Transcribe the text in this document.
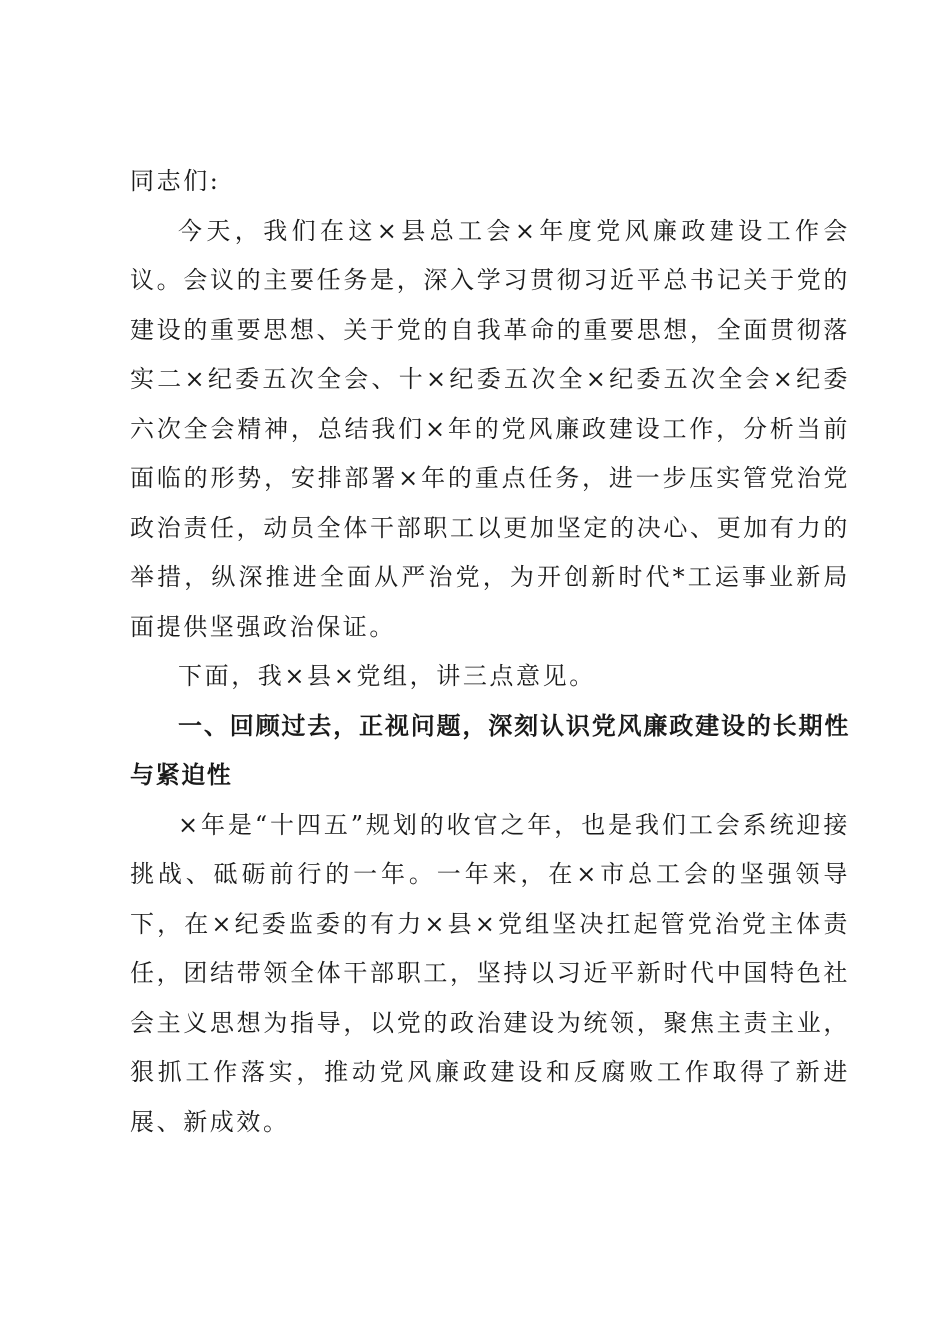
同志们:

今天，我们在这×县总工会×年度党风廉政建设工作会议。会议的主要任务是，深入学习贯彻习近平总书记关于党的建设的重要思想、关于党的自我革命的重要思想，全面贯彻落实二×纪委五次全会、十×纪委五次全×纪委五次全会×纪委六次全会精神，总结我们×年的党风廉政建设工作，分析当前面临的形势，安排部署×年的重点任务，进一步压实管党治党政治责任，动员全体干部职工以更加坚定的决心、更加有力的举措，纵深推进全面从严治党，为开创新时代*工运事业新局面提供坚强政治保证。

下面，我×县×党组，讲三点意见。

一、回顾过去，正视问题，深刻认识党风廉政建设的长期性与紧迫性

×年是“十四五”规划的收官之年，也是我们工会系统迎接挑战、砥砺前行的一年。一年来，在×市总工会的坚强领导下，在×纪委监委的有力×县×党组坚决扛起管党治党主体责任，团结带领全体干部职工，坚持以习近平新时代中国特色社会主义思想为指导，以党的政治建设为统领，聚焦主责主业，狠抓工作落实，推动党风廉政建设和反腐败工作取得了新进展、新成效。
